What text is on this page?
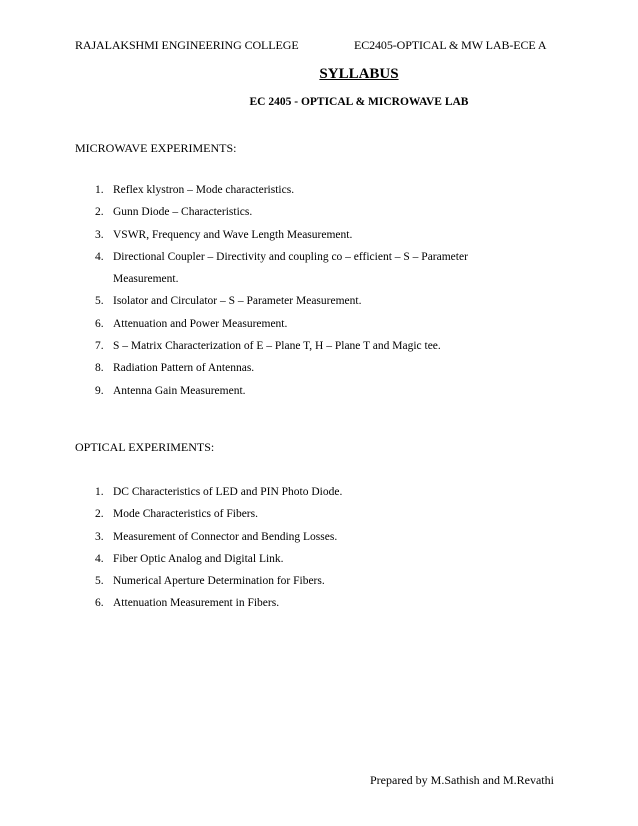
RAJALAKSHMI ENGINEERING COLLEGE	EC2405-OPTICAL & MW LAB-ECE A
SYLLABUS
EC 2405 - OPTICAL & MICROWAVE LAB
MICROWAVE EXPERIMENTS:
1. Reflex klystron – Mode characteristics.
2. Gunn Diode – Characteristics.
3. VSWR, Frequency and Wave Length Measurement.
4. Directional Coupler – Directivity and coupling co – efficient – S – Parameter
Measurement.
5. Isolator and Circulator – S – Parameter Measurement.
6. Attenuation and Power Measurement.
7. S – Matrix Characterization of E – Plane T, H – Plane T and Magic tee.
8. Radiation Pattern of Antennas.
9. Antenna Gain Measurement.
OPTICAL EXPERIMENTS:
1. DC Characteristics of LED and PIN Photo Diode.
2. Mode Characteristics of Fibers.
3. Measurement of Connector and Bending Losses.
4. Fiber Optic Analog and Digital Link.
5. Numerical Aperture Determination for Fibers.
6. Attenuation Measurement in Fibers.
Prepared by M.Sathish and M.Revathi
